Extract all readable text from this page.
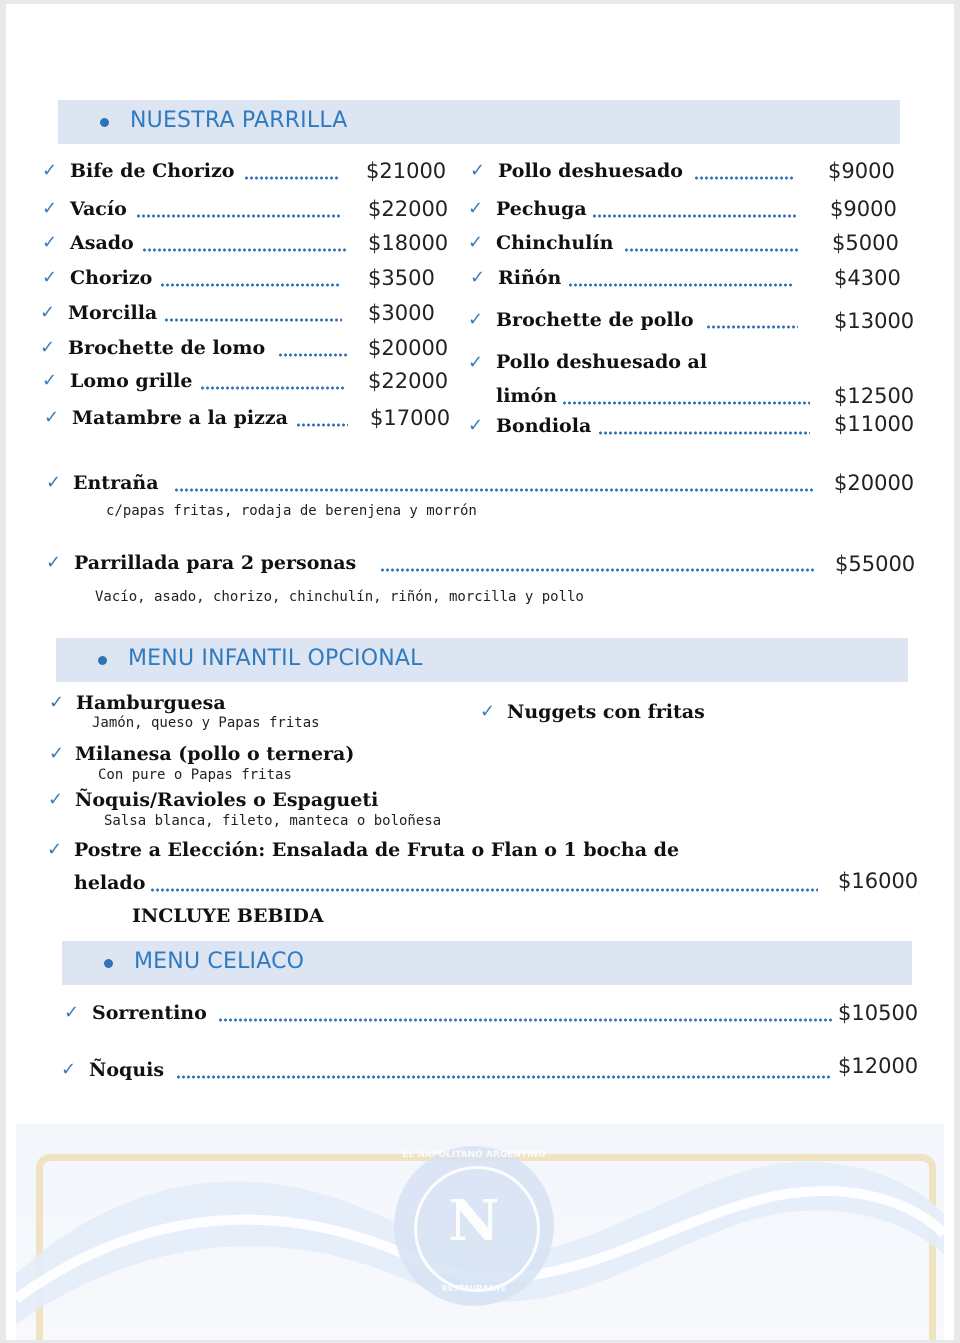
NUESTRA PARRILLA
✓ Bife de Chorizo	$21000
✓ Vacío	$22000
✓ Asado	$18000
✓ Chorizo	$3500
✓ Morcilla	$3000
✓ Brochette de lomo	$20000
✓ Lomo grille	$22000
✓ Matambre a la pizza	$17000
✓ Pollo deshuesado	$9000
✓ Pechuga	$9000
✓ Chinchulín	$5000
✓ Riñón	$4300
✓ Brochette de pollo	$13000
✓ Pollo deshuesado al
limón	$12500
✓ Bondiola	$11000
✓ Entraña	$20000
c/papas fritas, rodaja de berenjena y morrón
✓ Parrillada para 2 personas	$55000
Vacío, asado, chorizo, chinchulín, riñón, morcilla y pollo
MENU INFANTIL OPCIONAL
✓ Hamburguesa
Jamón, queso y Papas fritas
✓ Nuggets con fritas
✓ Milanesa (pollo o ternera)
Con pure o Papas fritas
✓ Ñoquis/Ravioles o Espagueti
Salsa blanca, fileto, manteca o boloñesa
✓ Postre a Elección: Ensalada de Fruta o Flan o 1 bocha de
helado	$16000
INCLUYE BEBIDA
MENU CELIACO
✓ Sorrentino	$10500
✓ Ñoquis	$12000
EL NAPOLITANO ARGENTINO
N
RESTAURANTE
